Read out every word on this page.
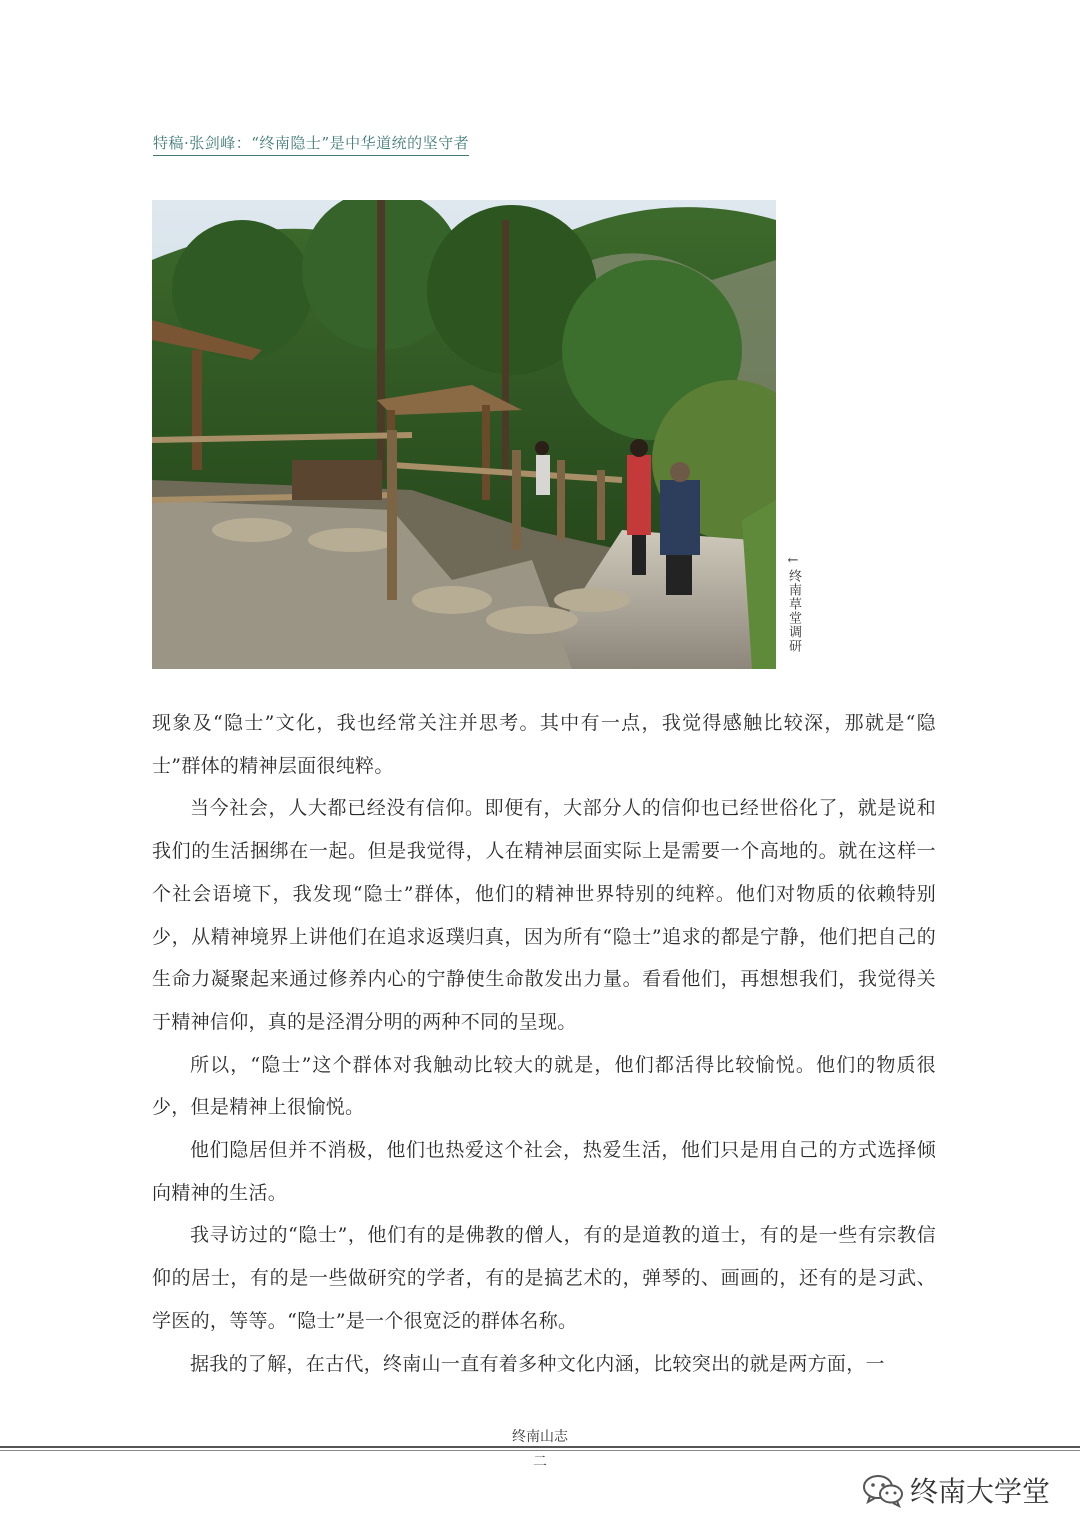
特稿·张剑峰：“终南隐士”是中华道统的坚守者
←
终南草堂调研

现象及“隐士”文化，我也经常关注并思考。其中有一点，我觉得感触比较深，那就是“隐士”群体的精神层面很纯粹。

当今社会，人大都已经没有信仰。即便有，大部分人的信仰也已经世俗化了，就是说和我们的生活捆绑在一起。但是我觉得，人在精神层面实际上是需要一个高地的。就在这样一个社会语境下，我发现“隐士”群体，他们的精神世界特别的纯粹。他们对物质的依赖特别少，从精神境界上讲他们在追求返璞归真，因为所有“隐士”追求的都是宁静，他们把自己的生命力凝聚起来通过修养内心的宁静使生命散发出力量。看看他们，再想想我们，我觉得关于精神信仰，真的是泾渭分明的两种不同的呈现。

所以，“隐士”这个群体对我触动比较大的就是，他们都活得比较愉悦。他们的物质很少，但是精神上很愉悦。

他们隐居但并不消极，他们也热爱这个社会，热爱生活，他们只是用自己的方式选择倾向精神的生活。

我寻访过的“隐士”，他们有的是佛教的僧人，有的是道教的道士，有的是一些有宗教信仰的居士，有的是一些做研究的学者，有的是搞艺术的，弹琴的、画画的，还有的是习武、学医的，等等。“隐士”是一个很宽泛的群体名称。

据我的了解，在古代，终南山一直有着多种文化内涵，比较突出的就是两方面，一

终南山志
二
终南大学堂
